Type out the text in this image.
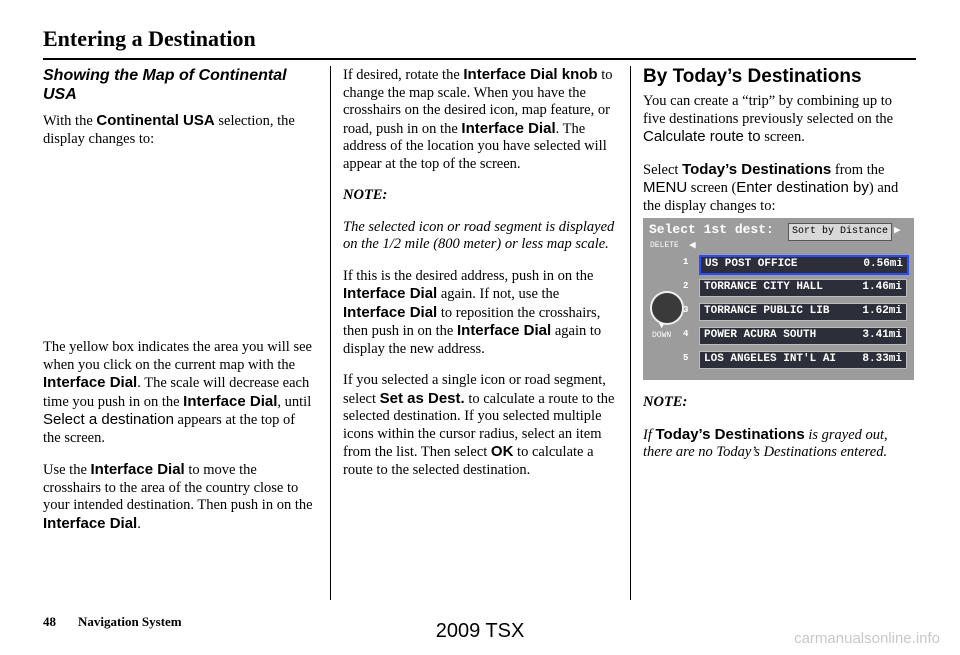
Entering a Destination
Showing the Map of Continental USA

With the Continental USA selection, the display changes to:

The yellow box indicates the area you will see when you click on the current map with the Interface Dial. The scale will decrease each time you push in on the Interface Dial, until Select a destination appears at the top of the screen.

Use the Interface Dial to move the crosshairs to the area of the country close to your intended destination. Then push in on the Interface Dial.

If desired, rotate the Interface Dial knob to change the map scale. When you have the crosshairs on the desired icon, map feature, or road, push in on the Interface Dial. The address of the location you have selected will appear at the top of the screen.

NOTE:

The selected icon or road segment is displayed on the 1/2 mile (800 meter) or less map scale.

If this is the desired address, push in on the Interface Dial again. If not, use the Interface Dial to reposition the crosshairs, then push in on the Interface Dial again to display the new address.

If you selected a single icon or road segment, select Set as Dest. to calculate a route to the selected destination. If you selected multiple icons within the cursor radius, select an item from the list. Then select OK to calculate a route to the selected destination.

By Today’s Destinations

You can create a “trip” by combining up to five destinations previously selected on the Calculate route to screen.

Select Today’s Destinations from the MENU screen (Enter destination by) and the display changes to:

Select 1st dest:	Sort by Distance ▶
DELETE ◀
▼
DOWN
1 US POST OFFICE	0.56mi
2 TORRANCE CITY HALL	1.46mi
3 TORRANCE PUBLIC LIB	1.62mi
4 POWER ACURA SOUTH	3.41mi
5 LOS ANGELES INT'L AI 8.33mi

NOTE:

If Today’s Destinations is grayed out, there are no Today’s Destinations entered.

48 Navigation System	2009 TSX	carmanualsonline.info
